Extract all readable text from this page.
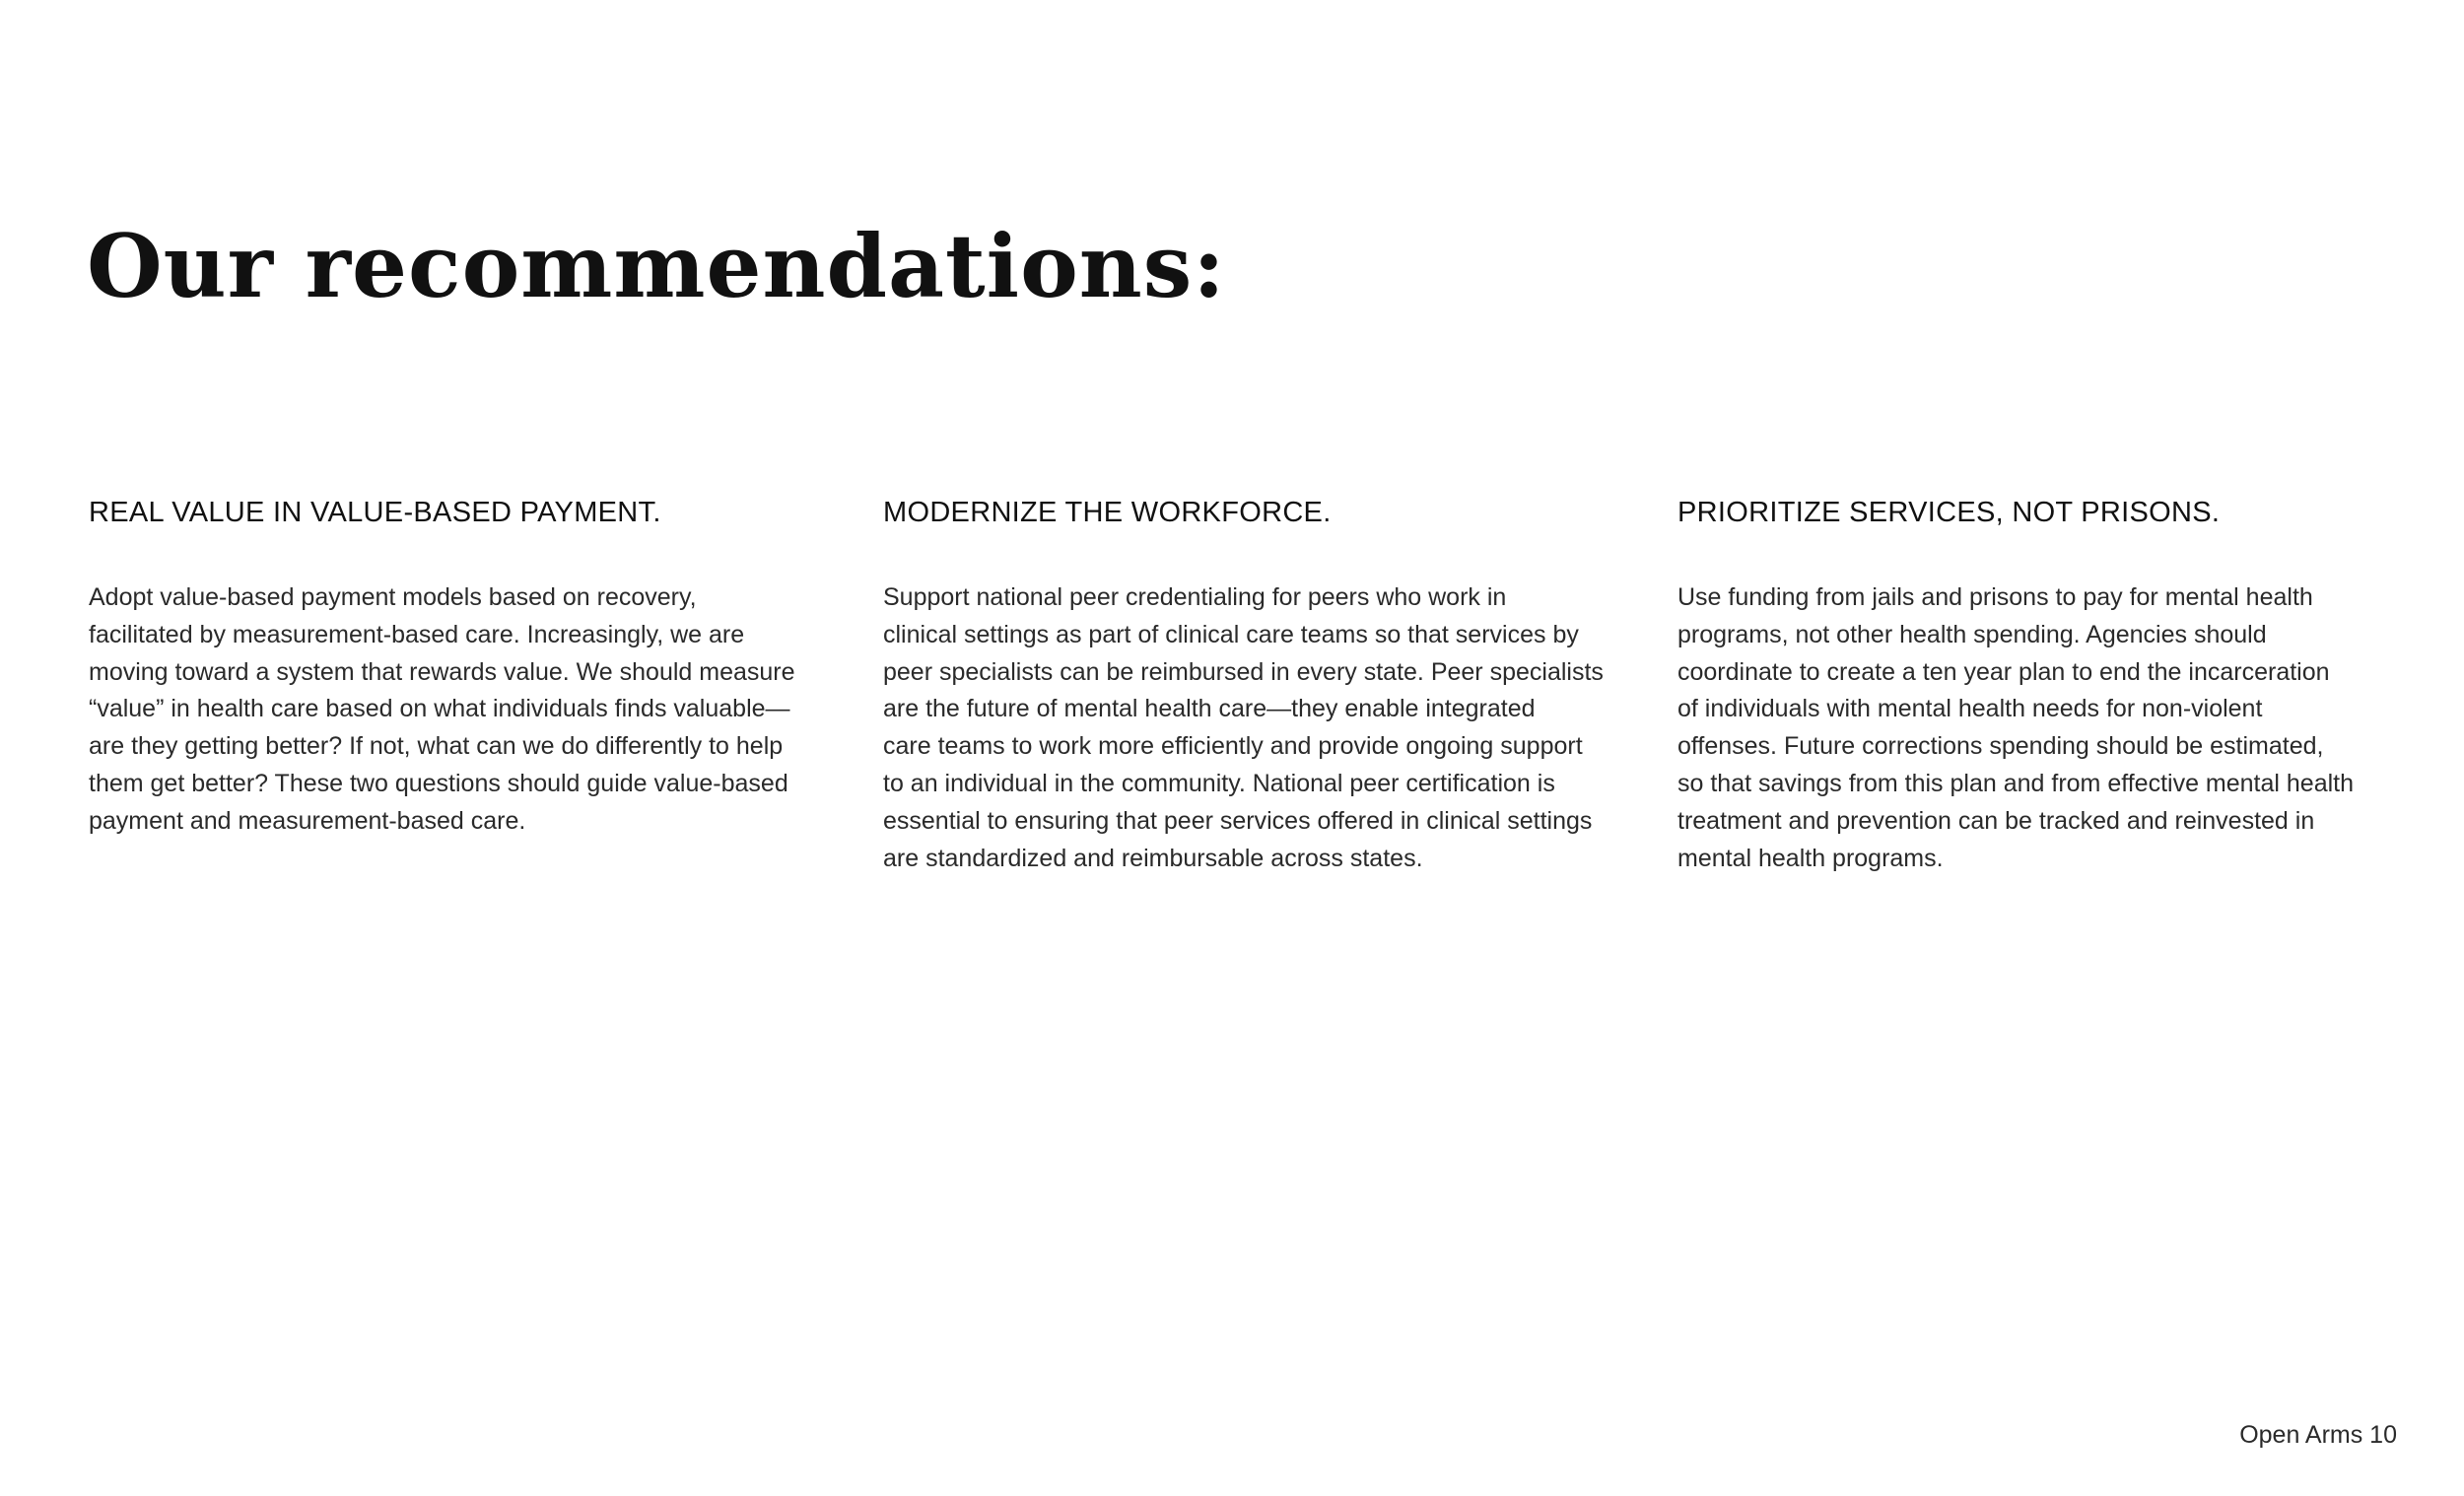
Our recommendations:
REAL VALUE IN VALUE-BASED PAYMENT.
Adopt value-based payment models based on recovery,
facilitated by measurement-based care. Increasingly, we are
moving toward a system that rewards value. We should measure
“value” in health care based on what individuals finds valuable—
are they getting better? If not, what can we do differently to help
them get better? These two questions should guide value-based
payment and measurement-based care.
MODERNIZE THE WORKFORCE.
Support national peer credentialing for peers who work in
clinical settings as part of clinical care teams so that services by
peer specialists can be reimbursed in every state. Peer specialists
are the future of mental health care—they enable integrated
care teams to work more efficiently and provide ongoing support
to an individual in the community. National peer certification is
essential to ensuring that peer services offered in clinical settings
are standardized and reimbursable across states.
PRIORITIZE SERVICES, NOT PRISONS.
Use funding from jails and prisons to pay for mental health
programs, not other health spending. Agencies should
coordinate to create a ten year plan to end the incarceration
of individuals with mental health needs for non-violent
offenses. Future corrections spending should be estimated,
so that savings from this plan and from effective mental health
treatment and prevention can be tracked and reinvested in
mental health programs.
Open Arms 10
